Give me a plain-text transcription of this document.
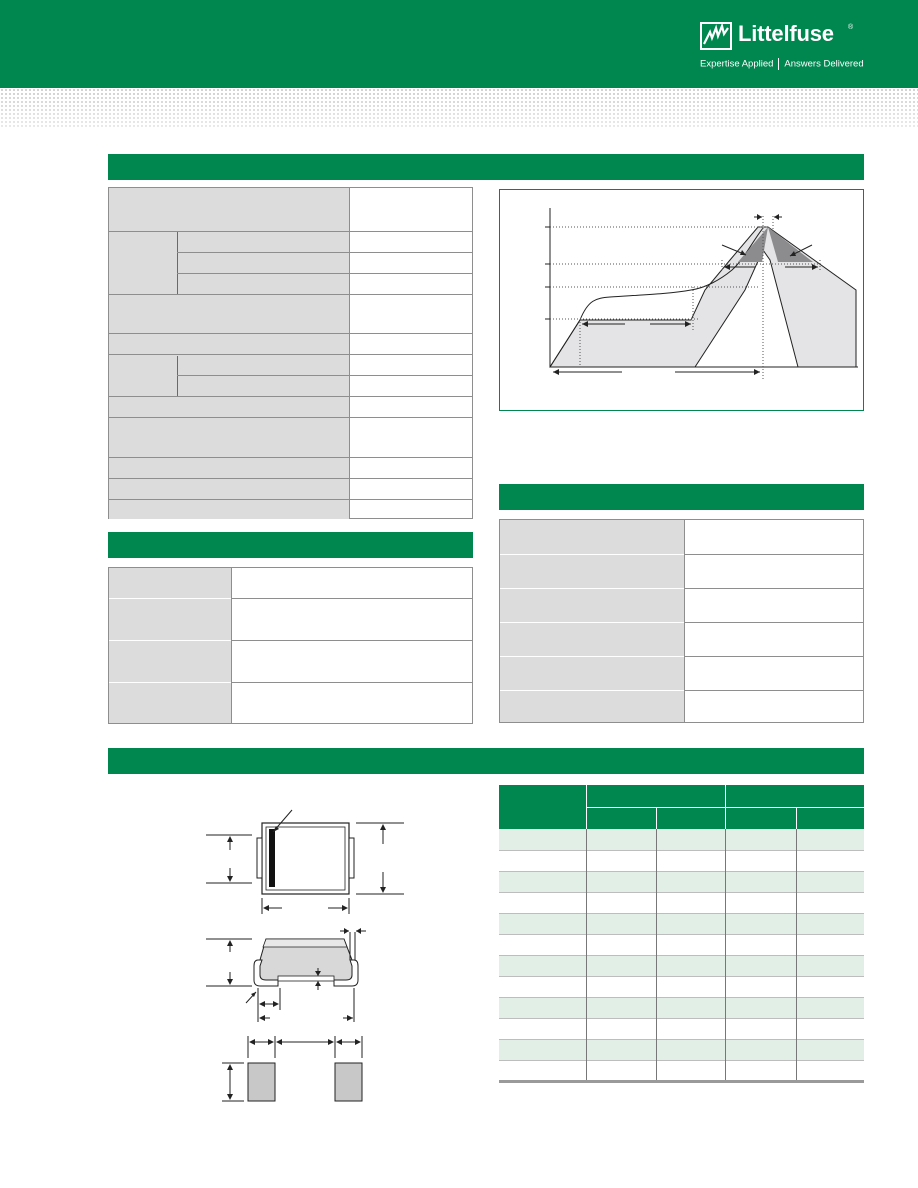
Littelfuse ®
Expertise Applied Answers Delivered
